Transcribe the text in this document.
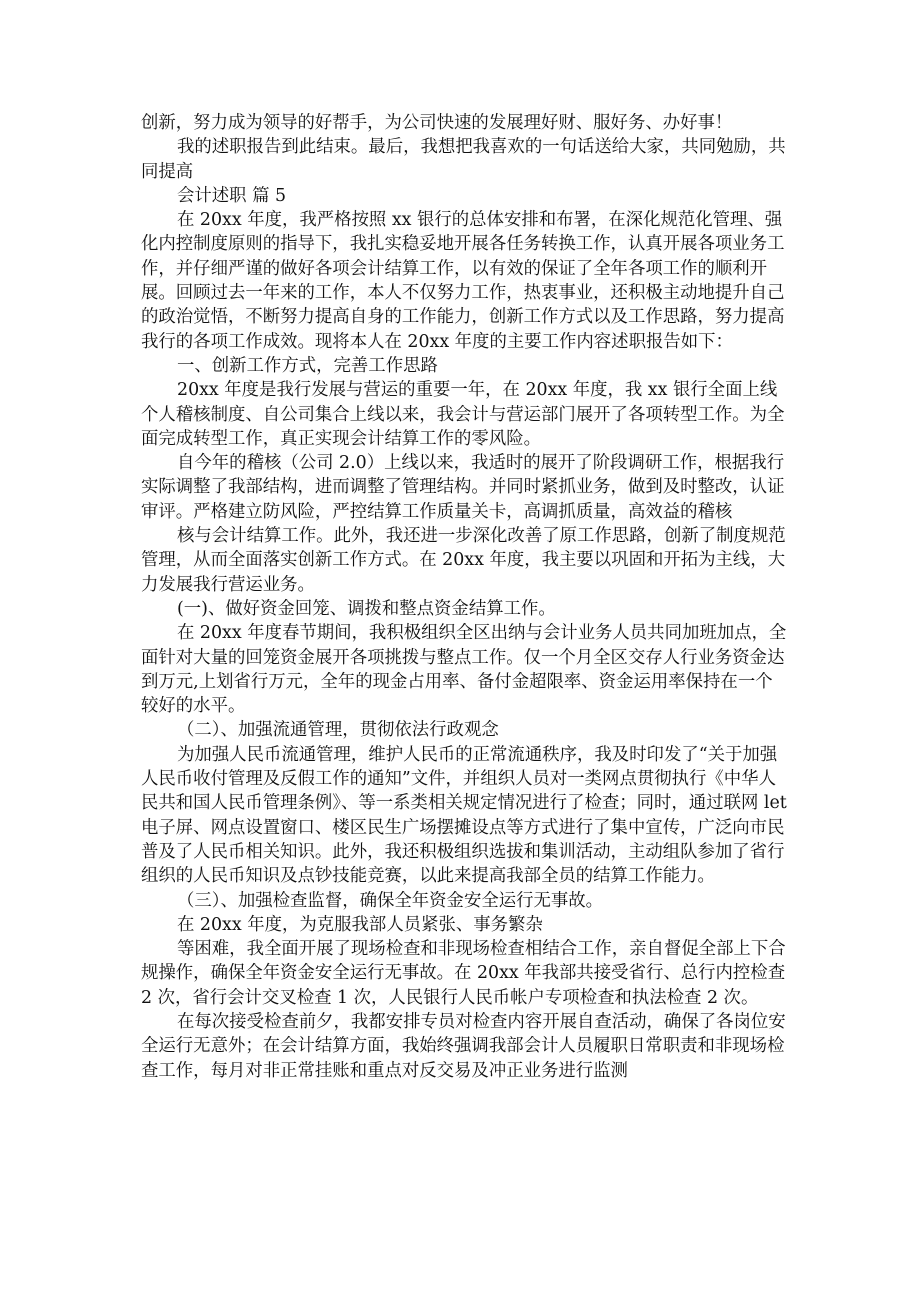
创新，努力成为领导的好帮手，为公司快速的发展理好财、服好务、办好事！

我的述职报告到此结束。最后，我想把我喜欢的一句话送给大家，共同勉励，共同提高

会计述职 篇 5

在 20xx 年度，我严格按照 xx 银行的总体安排和布署，在深化规范化管理、强化内控制度原则的指导下，我扎实稳妥地开展各任务转换工作，认真开展各项业务工作，并仔细严谨的做好各项会计结算工作，以有效的保证了全年各项工作的顺利开展。回顾过去一年来的工作，本人不仅努力工作，热衷事业，还积极主动地提升自己的政治觉悟，不断努力提高自身的工作能力，创新工作方式以及工作思路，努力提高我行的各项工作成效。现将本人在 20xx 年度的主要工作内容述职报告如下：

一、创新工作方式，完善工作思路

20xx 年度是我行发展与营运的重要一年，在 20xx 年度，我 xx 银行全面上线个人稽核制度、自公司集合上线以来，我会计与营运部门展开了各项转型工作。为全面完成转型工作，真正实现会计结算工作的零风险。

自今年的稽核（公司 2.0）上线以来，我适时的展开了阶段调研工作，根据我行实际调整了我部结构，进而调整了管理结构。并同时紧抓业务，做到及时整改，认证审评。严格建立防风险，严控结算工作质量关卡，高调抓质量，高效益的稽核

核与会计结算工作。此外，我还进一步深化改善了原工作思路，创新了制度规范管理，从而全面落实创新工作方式。在 20xx 年度，我主要以巩固和开拓为主线，大力发展我行营运业务。

(一)、做好资金回笼、调拨和整点资金结算工作。

在 20xx 年度春节期间，我积极组织全区出纳与会计业务人员共同加班加点，全面针对大量的回笼资金展开各项挑拨与整点工作。仅一个月全区交存人行业务资金达到万元,上划省行万元，全年的现金占用率、备付金超限率、资金运用率保持在一个较好的水平。

（二）、加强流通管理，贯彻依法行政观念

为加强人民币流通管理，维护人民币的正常流通秩序，我及时印发了“关于加强人民币收付管理及反假工作的通知”文件，并组织人员对一类网点贯彻执行《中华人民共和国人民币管理条例》、等一系类相关规定情况进行了检查；同时，通过联网 let 电子屏、网点设置窗口、楼区民生广场摆摊设点等方式进行了集中宣传，广泛向市民普及了人民币相关知识。此外，我还积极组织选拔和集训活动，主动组队参加了省行组织的人民币知识及点钞技能竞赛，以此来提高我部全员的结算工作能力。

（三）、加强检查监督，确保全年资金安全运行无事故。

在 20xx 年度，为克服我部人员紧张、事务繁杂

等困难，我全面开展了现场检查和非现场检查相结合工作，亲自督促全部上下合规操作，确保全年资金安全运行无事故。在 20xx 年我部共接受省行、总行内控检查 2 次，省行会计交叉检查 1 次，人民银行人民币帐户专项检查和执法检查 2 次。

在每次接受检查前夕，我都安排专员对检查内容开展自查活动，确保了各岗位安全运行无意外；在会计结算方面，我始终强调我部会计人员履职日常职责和非现场检查工作，每月对非正常挂账和重点对反交易及冲正业务进行监测
